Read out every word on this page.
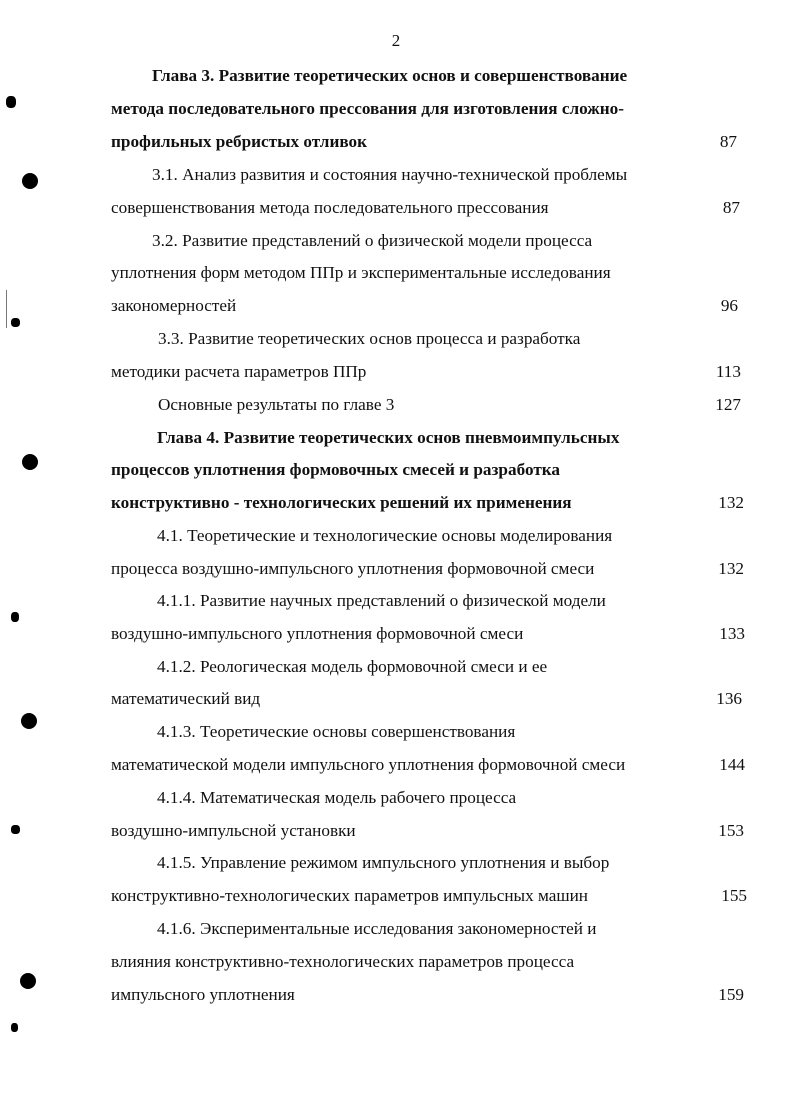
2
Глава 3. Развитие теоретических основ и совершенствование
метода последовательного прессования для изготовления сложно-
профильных ребристых отливок	87
3.1. Анализ развития и состояния научно-технической проблемы
совершенствования метода последовательного прессования	87
3.2. Развитие представлений о физической модели процесса
уплотнения форм методом ППр и экспериментальные исследования
закономерностей	96
3.3. Развитие теоретических основ процесса и разработка
методики расчета параметров ППр	113
Основные результаты по главе 3	127
Глава 4. Развитие теоретических основ пневмоимпульсных
процессов уплотнения формовочных смесей и разработка
конструктивно - технологических решений их применения	132
4.1. Теоретические и технологические основы моделирования
процесса воздушно-импульсного уплотнения формовочной смеси	132
4.1.1. Развитие научных представлений о физической модели
воздушно-импульсного уплотнения формовочной смеси	133
4.1.2. Реологическая модель формовочной смеси и ее
математический вид	136
4.1.3. Теоретические основы совершенствования
математической модели импульсного уплотнения формовочной смеси	144
4.1.4. Математическая модель рабочего процесса
воздушно-импульсной установки	153
4.1.5. Управление режимом импульсного уплотнения и выбор
конструктивно-технологических параметров импульсных машин	155
4.1.6. Экспериментальные исследования закономерностей и
влияния конструктивно-технологических параметров процесса
импульсного уплотнения	159
